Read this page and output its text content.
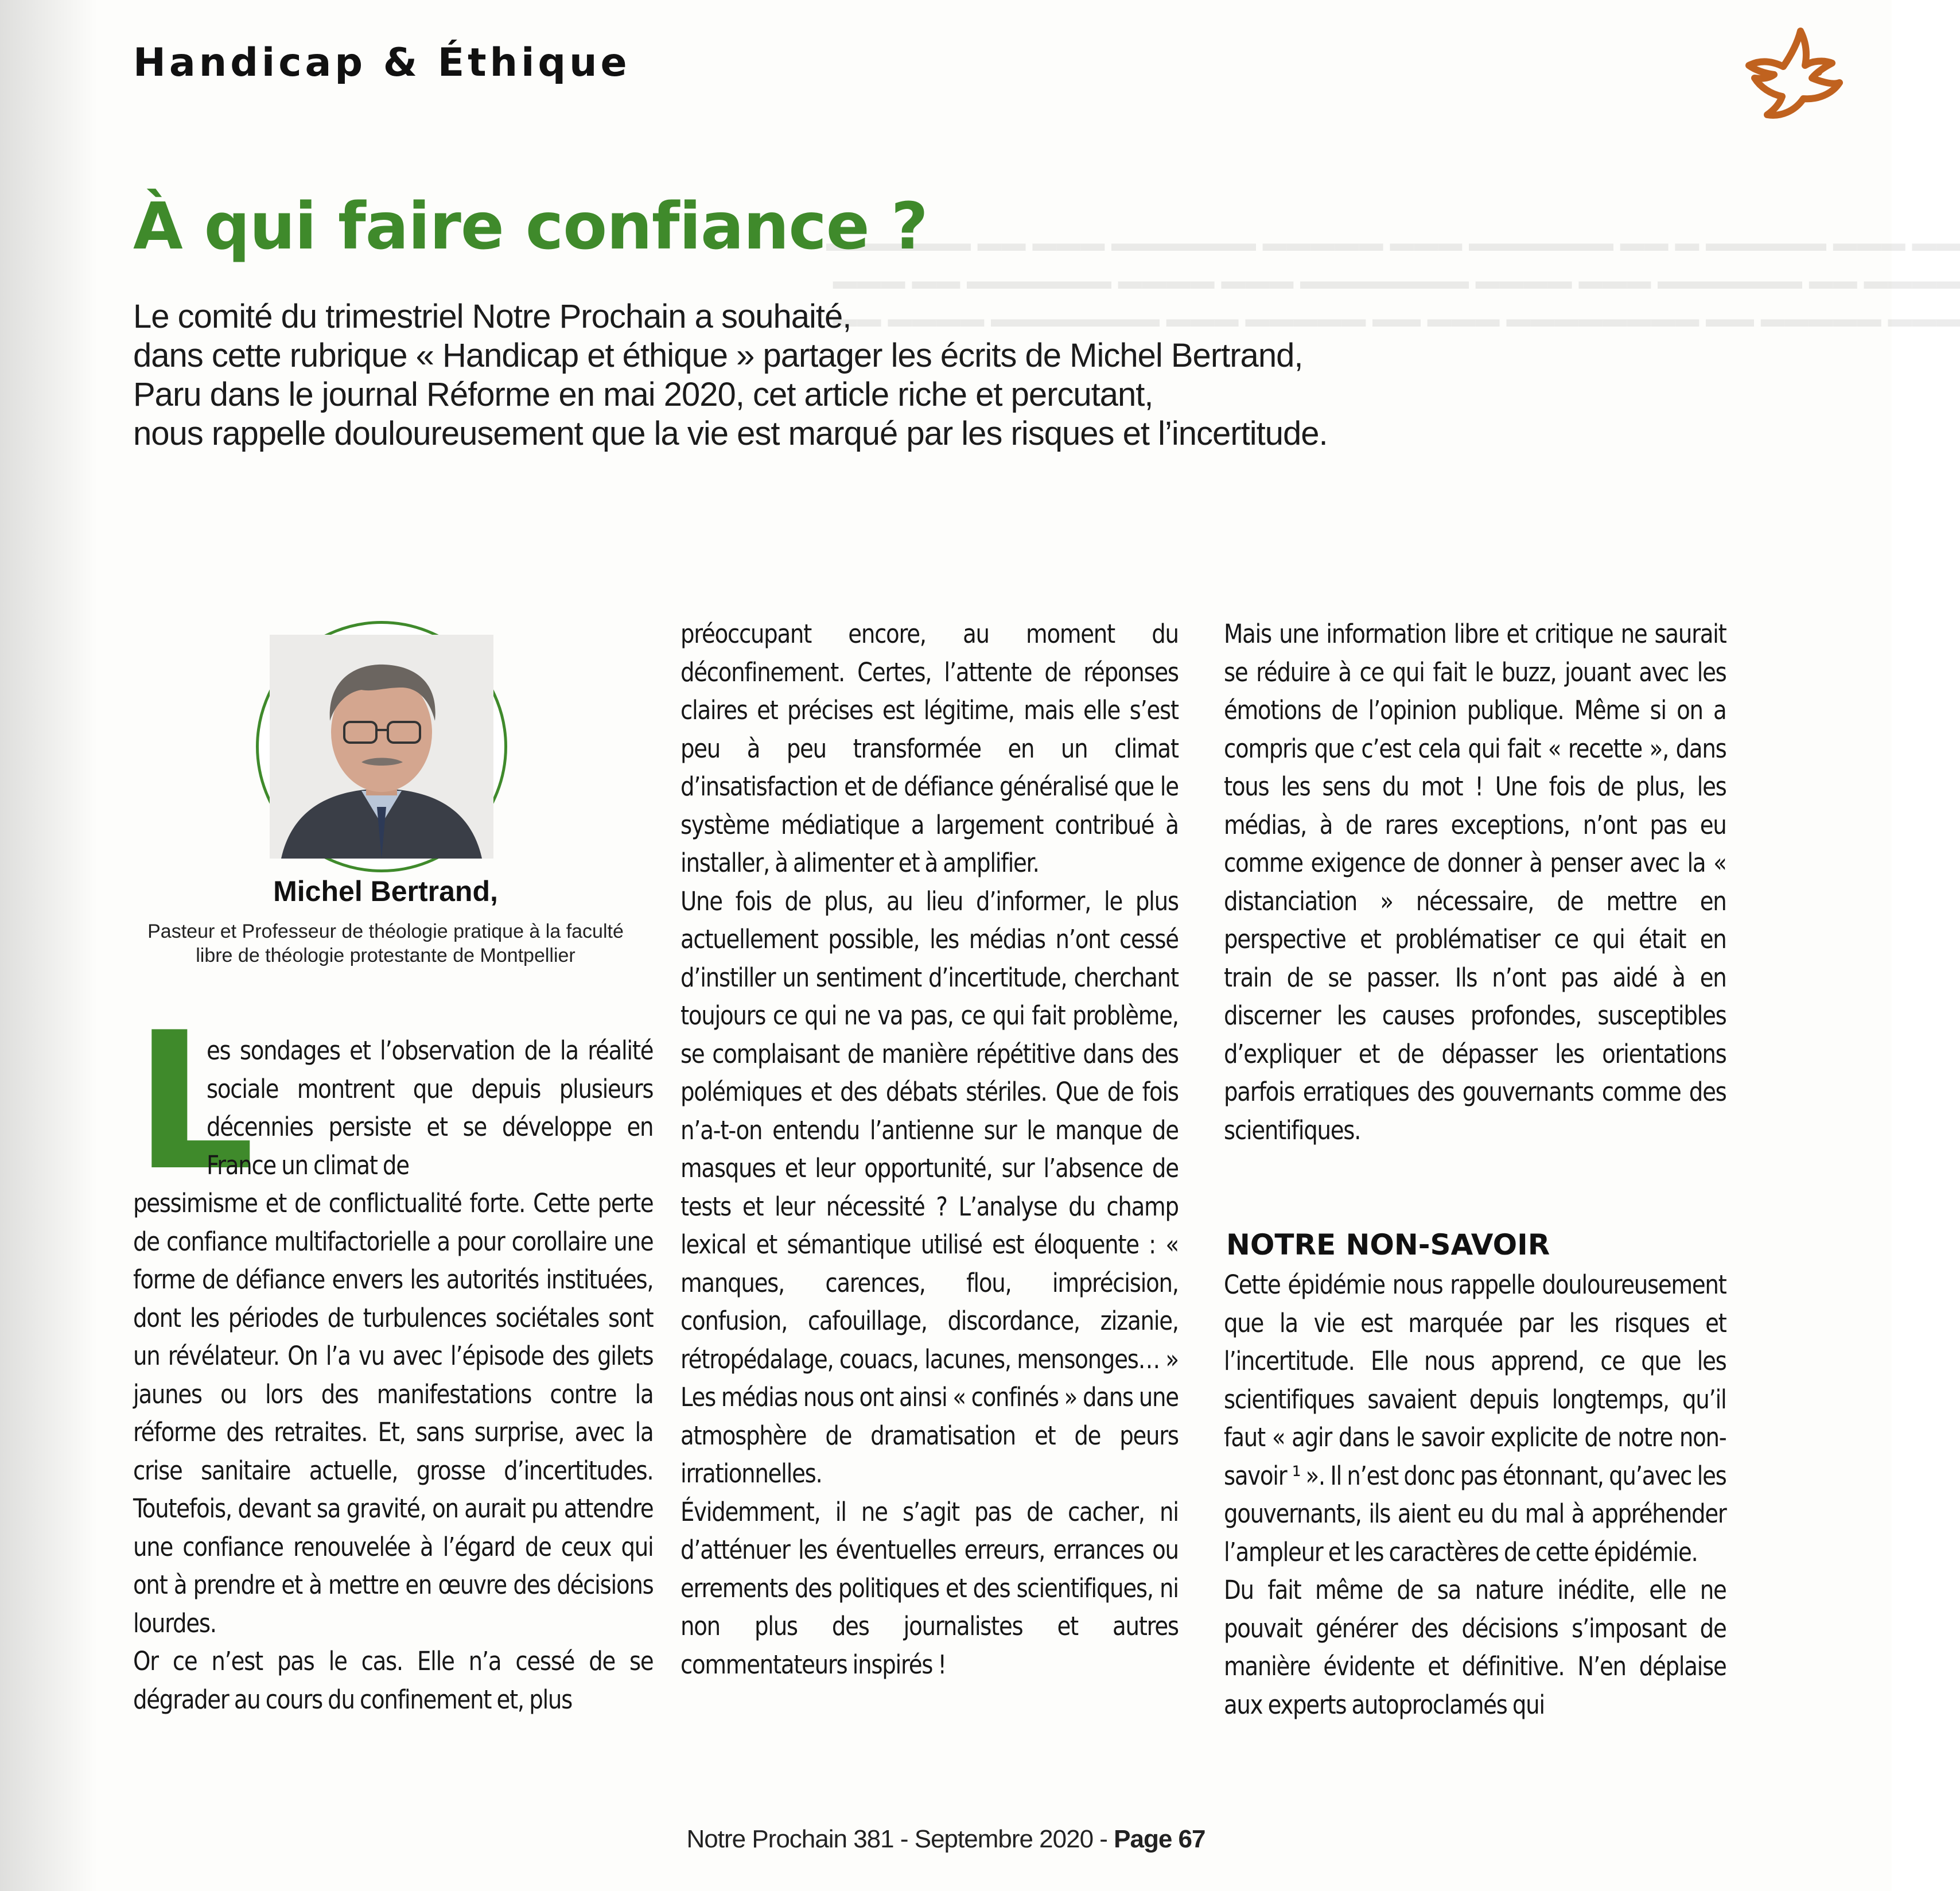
▬▬ ▬▬▬ ▬▬▬▬▬ ▬ ▬▬ ▬▬▬▬▬▬ ▬▬▬ ▬▬▬▬▬ ▬▬▬▬▬▬ ▬▬▬ ▬▬ ▬▬▬▬▬▬
▬▬▬▬ ▬▬ ▬▬▬▬▬▬ ▬▬▬ ▬▬▬▬ ▬▬▬▬▬▬▬ ▬▬▬ ▬▬▬▬ ▬▬▬▬▬▬ ▬▬ ▬▬▬
▬▬▬ ▬▬▬▬▬ ▬▬ ▬▬▬▬▬▬▬▬ ▬▬▬ ▬▬ ▬▬▬▬▬ ▬▬▬ ▬▬▬▬▬▬▬ ▬▬▬▬ ▬▬
Handicap & Éthique
À qui faire confiance ?
Le comité du trimestriel Notre Prochain a souhaité,
dans cette rubrique « Handicap et éthique » partager les écrits de Michel Bertrand,
Paru dans le journal Réforme en mai 2020, cet article riche et percutant,
nous rappelle douloureusement que la vie est marqué par les risques et l’incertitude.
Michel Bertrand,
Pasteur et Professeur de théologie pratique à la faculté
libre de théologie protestante de Montpellier
L

es sondages et l’observation de la réalité sociale montrent que depuis plusieurs décennies persiste et se développe en France un climat de

pessimisme et de conflictualité forte. Cette perte de confiance multifactorielle a pour corollaire une forme de défiance envers les autorités instituées, dont les périodes de turbulences sociétales sont un révélateur. On l’a vu avec l’épisode des gilets jaunes ou lors des manifestations contre la réforme des retraites. Et, sans surprise, avec la crise sanitaire actuelle, grosse d’incertitudes. Toutefois, devant sa gravité, on aurait pu attendre une confiance renouvelée à l’égard de ceux qui ont à prendre et à mettre en œuvre des décisions lourdes.

Or ce n’est pas le cas. Elle n’a cessé de se dégrader au cours du confinement et, plus

préoccupant encore, au moment du déconfinement. Certes, l’attente de réponses claires et précises est légitime, mais elle s’est peu à peu transformée en un climat d’insatisfaction et de défiance généralisé que le système médiatique a largement contribué à installer, à alimenter et à amplifier.

Une fois de plus, au lieu d’informer, le plus actuellement possible, les médias n’ont cessé d’instiller un sentiment d’incertitude, cherchant toujours ce qui ne va pas, ce qui fait problème, se complaisant de manière répétitive dans des polémiques et des débats stériles. Que de fois n’a-t-on entendu l’antienne sur le manque de masques et leur opportunité, sur l’absence de tests et leur nécessité ? L’analyse du champ lexical et sémantique utilisé est éloquente : « manques, carences, flou, imprécision, confusion, cafouillage, discordance, zizanie, rétropédalage, couacs, lacunes, mensonges… » Les médias nous ont ainsi « confinés » dans une atmosphère de dramatisation et de peurs irrationnelles.

Évidemment, il ne s’agit pas de cacher, ni d’atténuer les éventuelles erreurs, errances ou errements des politiques et des scientifiques, ni non plus des journalistes et autres commentateurs inspirés !

Mais une information libre et critique ne saurait se réduire à ce qui fait le buzz, jouant avec les émotions de l’opinion publique. Même si on a compris que c’est cela qui fait « recette », dans tous les sens du mot ! Une fois de plus, les médias, à de rares exceptions, n’ont pas eu comme exigence de donner à penser avec la « distanciation » nécessaire, de mettre en perspective et problématiser ce qui était en train de se passer. Ils n’ont pas aidé à en discerner les causes profondes, susceptibles d’expliquer et de dépasser les orientations parfois erratiques des gouvernants comme des scientifiques.

NOTRE NON-SAVOIR

Cette épidémie nous rappelle douloureusement que la vie est marquée par les risques et l’incertitude. Elle nous apprend, ce que les scientifiques savaient depuis longtemps, qu’il faut « agir dans le savoir explicite de notre non-savoir ¹ ». Il n’est donc pas étonnant, qu’avec les gouvernants, ils aient eu du mal à appréhender l’ampleur et les caractères de cette épidémie.

Du fait même de sa nature inédite, elle ne pouvait générer des décisions s’imposant de manière évidente et définitive. N’en déplaise aux experts autoproclamés qui

Notre Prochain 381 - Septembre 2020 - Page 67
